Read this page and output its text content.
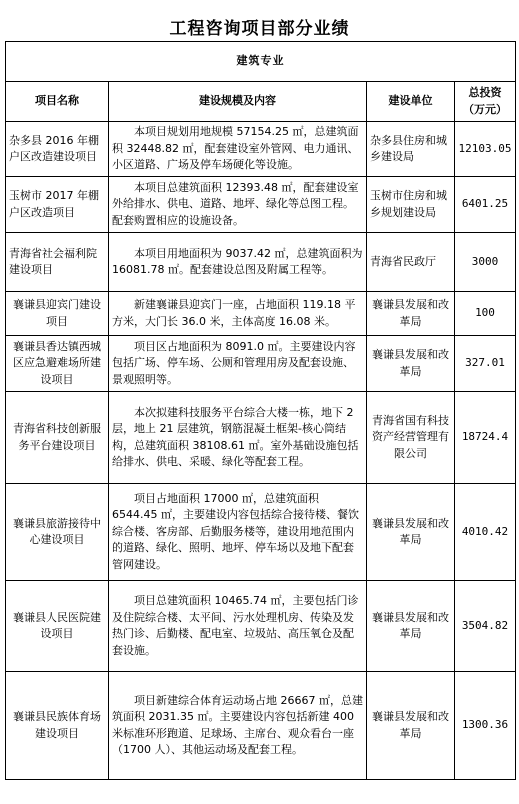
工程咨询项目部分业绩
建筑专业			
项目名称	建设规模及内容	建设单位	总投资（万元）
杂多县 2016 年棚户区改造建设项目	本项目规划用地规模 57154.25 ㎡，总建筑面积 32448.82 ㎡，配套建设室外管网、电力通讯、小区道路、广场及停车场硬化等设施。	杂多县住房和城乡建设局	12103.05
玉树市 2017 年棚户区改造项目	本项目总建筑面积 12393.48 ㎡，配套建设室外给排水、供电、道路、地坪、绿化等总图工程。配套购置相应的设施设备。	玉树市住房和城乡规划建设局	6401.25
青海省社会福利院建设项目	本项目用地面积为 9037.42 ㎡，总建筑面积为 16081.78 ㎡。配套建设总图及附属工程等。	青海省民政厅	3000
襄谦县迎宾门建设项目	新建襄谦县迎宾门一座，占地面积 119.18 平方米，大门长 36.0 米，主体高度 16.08 米。	襄谦县发展和改革局	100
襄谦县香达镇西城区应急避难场所建设项目	项目区占地面积为 8091.0 ㎡。主要建设内容包括广场、停车场、公厕和管理用房及配套设施、景观照明等。	襄谦县发展和改革局	327.01
青海省科技创新服务平台建设项目	本次拟建科技服务平台综合大楼一栋，地下 2 层，地上 21 层建筑，钢筋混凝土框架-核心筒结构，总建筑面积 38108.61 ㎡。室外基础设施包括给排水、供电、采暖、绿化等配套工程。	青海省国有科技资产经营管理有限公司	18724.4
襄谦县旅游接待中心建设项目	项目占地面积 17000 ㎡，总建筑面积 6544.45 ㎡，主要建设内容包括综合接待楼、餐饮综合楼、客房部、后勤服务楼等，建设用地范围内的道路、绿化、照明、地坪、停车场以及地下配套管网建设。	襄谦县发展和改革局	4010.42
襄谦县人民医院建设项目	项目总建筑面积 10465.74 ㎡，主要包括门诊及住院综合楼、太平间、污水处理机房、传染及发热门诊、后勤楼、配电室、垃圾站、高压氧仓及配套设施。	襄谦县发展和改革局	3504.82
襄谦县民族体育场建设项目	项目新建综合体育运动场占地 26667 ㎡，总建筑面积 2031.35 ㎡。主要建设内容包括新建 400 米标准环形跑道、足球场、主席台、观众看台一座（1700 人）、其他运动场及配套工程。	襄谦县发展和改革局	1300.36
